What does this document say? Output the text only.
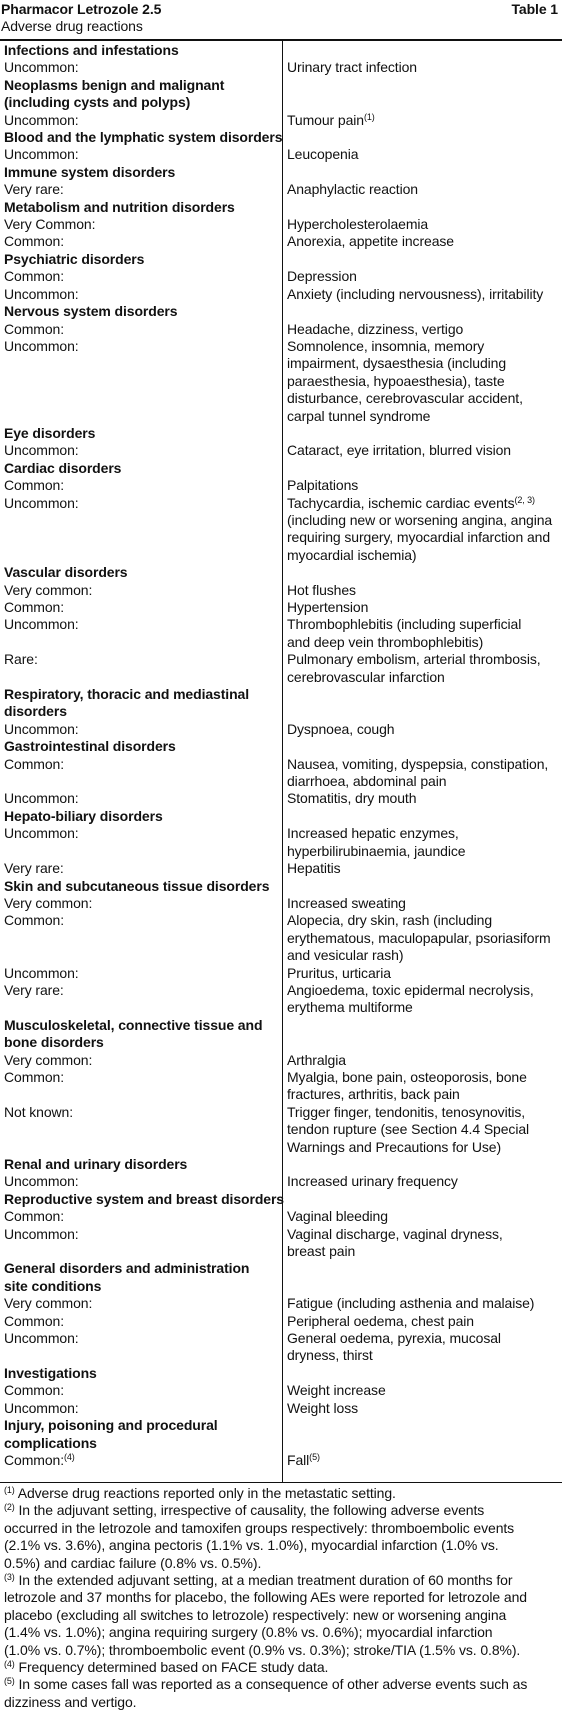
Pharmacor Letrozole 2.5	Table 1
Adverse drug reactions
Infections and infestations
Uncommon:	Urinary tract infection
Neoplasms benign and malignant
(including cysts and polyps)
Uncommon:	Tumour pain$^{(1)}$
Blood and the lymphatic system disorders
Uncommon:	Leucopenia
Immune system disorders
Very rare:	Anaphylactic reaction
Metabolism and nutrition disorders
Very Common:	Hypercholesterolaemia
Common:	Anorexia, appetite increase
Psychiatric disorders
Common:	Depression
Uncommon:	Anxiety (including nervousness), irritability
Nervous system disorders
Common:	Headache, dizziness, vertigo
Uncommon:	Somnolence, insomnia, memory
impairment, dysaesthesia (including
paraesthesia, hypoaesthesia), taste
disturbance, cerebrovascular accident,
carpal tunnel syndrome
Eye disorders
Uncommon:	Cataract, eye irritation, blurred vision
Cardiac disorders
Common:	Palpitations
Uncommon:	Tachycardia, ischemic cardiac events$^{(2, 3)}$
(including new or worsening angina, angina
requiring surgery, myocardial infarction and
myocardial ischemia)
Vascular disorders
Very common:	Hot flushes
Common:	Hypertension
Uncommon:	Thrombophlebitis (including superficial
and deep vein thrombophlebitis)
Rare:	Pulmonary embolism, arterial thrombosis,
cerebrovascular infarction
Respiratory, thoracic and mediastinal
disorders
Uncommon:	Dyspnoea, cough
Gastrointestinal disorders
Common:	Nausea, vomiting, dyspepsia, constipation,
diarrhoea, abdominal pain
Uncommon:	Stomatitis, dry mouth
Hepato-biliary disorders
Uncommon:	Increased hepatic enzymes,
hyperbilirubinaemia, jaundice
Very rare:	Hepatitis
Skin and subcutaneous tissue disorders
Very common:	Increased sweating
Common:	Alopecia, dry skin, rash (including
erythematous, maculopapular, psoriasiform
and vesicular rash)
Uncommon:	Pruritus, urticaria
Very rare:	Angioedema, toxic epidermal necrolysis,
erythema multiforme
Musculoskeletal, connective tissue and
bone disorders
Very common:	Arthralgia
Common:	Myalgia, bone pain, osteoporosis, bone
fractures, arthritis, back pain
Not known:	Trigger finger, tendonitis, tenosynovitis,
tendon rupture (see Section 4.4 Special
Warnings and Precautions for Use)
Renal and urinary disorders
Uncommon:	Increased urinary frequency
Reproductive system and breast disorders
Common:	Vaginal bleeding
Uncommon:	Vaginal discharge, vaginal dryness,
breast pain
General disorders and administration
site conditions
Very common:	Fatigue (including asthenia and malaise)
Common:	Peripheral oedema, chest pain
Uncommon:	General oedema, pyrexia, mucosal
dryness, thirst
Investigations
Common:	Weight increase
Uncommon:	Weight loss
Injury, poisoning and procedural
complications
Common:$^{(4)}$	Fall$^{(5)}$

$^{(1)}$ Adverse drug reactions reported only in the metastatic setting.

$^{(2)}$ In the adjuvant setting, irrespective of causality, the following adverse events
occurred in the letrozole and tamoxifen groups respectively: thromboembolic events
(2.1% vs. 3.6%), angina pectoris (1.1% vs. 1.0%), myocardial infarction (1.0% vs.
0.5%) and cardiac failure (0.8% vs. 0.5%).

$^{(3)}$ In the extended adjuvant setting, at a median treatment duration of 60 months for
letrozole and 37 months for placebo, the following AEs were reported for letrozole and
placebo (excluding all switches to letrozole) respectively: new or worsening angina
(1.4% vs. 1.0%); angina requiring surgery (0.8% vs. 0.6%); myocardial infarction
(1.0% vs. 0.7%); thromboembolic event (0.9% vs. 0.3%); stroke/TIA (1.5% vs. 0.8%).

$^{(4)}$ Frequency determined based on FACE study data.

$^{(5)}$ In some cases fall was reported as a consequence of other adverse events such as
dizziness and vertigo.
